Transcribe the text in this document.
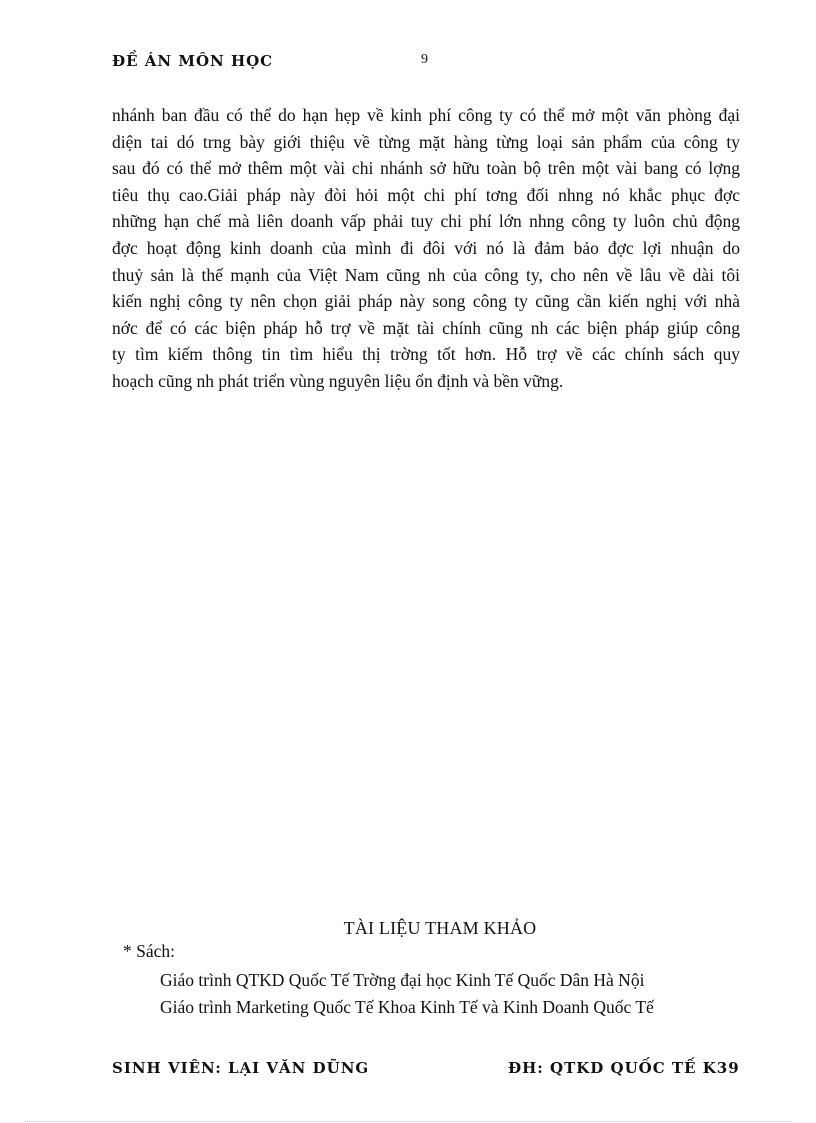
ĐỀ ÁN MÔN HỌC	9
nhánh ban đầu có thể do hạn hẹp về kinh phí công ty có thể mở một văn phòng đại
diện tai dó trng bày giới thiệu về từng mặt hàng từng loại sản phẩm của công ty
sau đó có thể mở thêm một vài chi nhánh sở hữu toàn bộ trên một vài bang có lợng
tiêu thụ cao.Giải pháp này đòi hỏi một chi phí tơng đối nhng nó khắc phục đợc
những hạn chế mà liên doanh vấp phải tuy chi phí lớn nhng công ty luôn chủ động
đợc hoạt động kinh doanh của mình đi đôi với nó là đảm bảo đợc lợi nhuận do
thuỷ sản là thế mạnh của Việt Nam cũng nh của công ty, cho nên về lâu về dài tôi
kiến nghị công ty nên chọn giải pháp này song công ty cũng cần kiến nghị với nhà
nớc để có các biện pháp hỗ trợ về mặt tài chính cũng nh các biện pháp giúp công
ty tìm kiếm thông tin tìm hiểu thị trờng tốt hơn. Hỗ trợ về các chính sách quy
hoạch cũng nh phát triển vùng nguyên liệu ổn định và bền vững.
TÀI LIỆU THAM KHẢO
* Sách:
Giáo trình QTKD Quốc Tế Trờng đại học Kinh Tế Quốc Dân Hà Nội
Giáo trình Marketing Quốc Tế Khoa Kinh Tế và Kinh Doanh Quốc Tế
SINH VIÊN: LẠI VĂN DŨNG	ĐH: QTKD QUỐC TẾ K39
